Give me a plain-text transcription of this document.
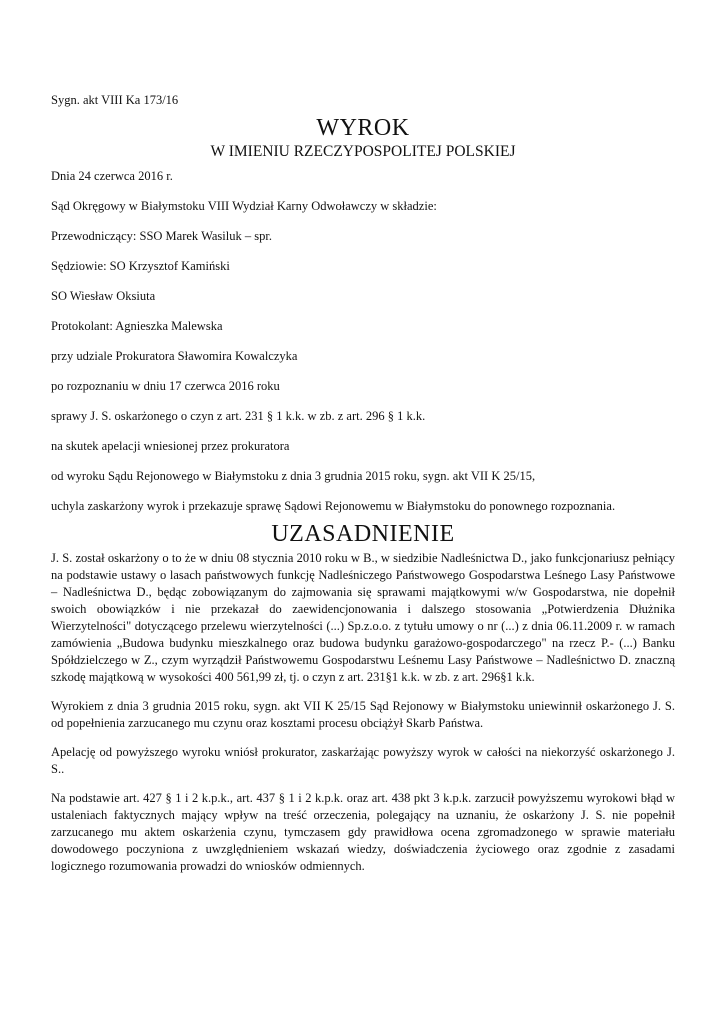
Sygn. akt VIII Ka 173/16
WYROK
W IMIENIU RZECZYPOSPOLITEJ POLSKIEJ
Dnia 24 czerwca 2016 r.
Sąd Okręgowy w Białymstoku VIII Wydział Karny Odwoławczy w składzie:
Przewodniczący: SSO Marek Wasiluk – spr.
Sędziowie: SO Krzysztof Kamiński
SO Wiesław Oksiuta
Protokolant: Agnieszka Malewska
przy udziale Prokuratora Sławomira Kowalczyka
po rozpoznaniu w dniu 17 czerwca 2016 roku
sprawy J. S. oskarżonego o czyn z art. 231 § 1 k.k. w zb. z art. 296 § 1 k.k.
na skutek apelacji wniesionej przez prokuratora
od wyroku Sądu Rejonowego w Białymstoku z dnia 3 grudnia 2015 roku, sygn. akt VII K 25/15,
uchyla zaskarżony wyrok i przekazuje sprawę Sądowi Rejonowemu w Białymstoku do ponownego rozpoznania.
UZASADNIENIE

J. S. został oskarżony o to że w dniu 08 stycznia 2010 roku w B., w siedzibie Nadleśnictwa D., jako funkcjonariusz pełniący na podstawie ustawy o lasach państwowych funkcję Nadleśniczego Państwowego Gospodarstwa Leśnego Lasy Państwowe – Nadleśnictwa D., będąc zobowiązanym do zajmowania się sprawami majątkowymi w/w Gospodarstwa, nie dopełnił swoich obowiązków i nie przekazał do zaewidencjonowania i dalszego stosowania „Potwierdzenia Dłużnika Wierzytelności" dotyczącego przelewu wierzytelności (...) Sp.z.o.o. z tytułu umowy o nr (...) z dnia 06.11.2009 r. w ramach zamówienia „Budowa budynku mieszkalnego oraz budowa budynku garażowo-gospodarczego" na rzecz P.- (...) Banku Spółdzielczego w Z., czym wyrządził Państwowemu Gospodarstwu Leśnemu Lasy Państwowe – Nadleśnictwo D. znaczną szkodę majątkową w wysokości 400 561,99 zł, tj. o czyn z art. 231§1 k.k. w zb. z art. 296§1 k.k.

Wyrokiem z dnia 3 grudnia 2015 roku, sygn. akt VII K 25/15 Sąd Rejonowy w Białymstoku uniewinnił oskarżonego J. S. od popełnienia zarzucanego mu czynu oraz kosztami procesu obciążył Skarb Państwa.

Apelację od powyższego wyroku wniósł prokurator, zaskarżając powyższy wyrok w całości na niekorzyść oskarżonego J. S..

Na podstawie art. 427 § 1 i 2 k.p.k., art. 437 § 1 i 2 k.p.k. oraz art. 438 pkt 3 k.p.k. zarzucił powyższemu wyrokowi błąd w ustaleniach faktycznych mający wpływ na treść orzeczenia, polegający na uznaniu, że oskarżony J. S. nie popełnił zarzucanego mu aktem oskarżenia czynu, tymczasem gdy prawidłowa ocena zgromadzonego w sprawie materiału dowodowego poczyniona z uwzględnieniem wskazań wiedzy, doświadczenia życiowego oraz zgodnie z zasadami logicznego rozumowania prowadzi do wniosków odmiennych.
